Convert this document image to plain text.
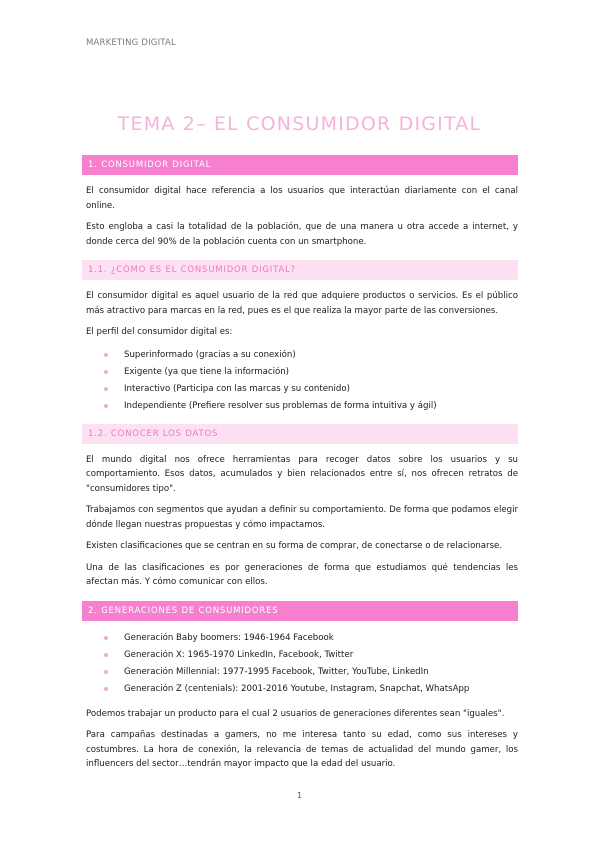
MARKETING DIGITAL
TEMA 2– EL CONSUMIDOR DIGITAL
1. CONSUMIDOR DIGITAL

El consumidor digital hace referencia a los usuarios que interactúan diariamente con el canal online.

Esto engloba a casi la totalidad de la población, que de una manera u otra accede a internet, y donde cerca del 90% de la población cuenta con un smartphone.

1.1. ¿CÓMO ES EL CONSUMIDOR DIGITAL?

El consumidor digital es aquel usuario de la red que adquiere productos o servicios. Es el público más atractivo para marcas en la red, pues es el que realiza la mayor parte de las conversiones.

El perfil del consumidor digital es:

Superinformado (gracias a su conexión)
Exigente (ya que tiene la información)
Interactivo (Participa con las marcas y su contenido)
Independiente (Prefiere resolver sus problemas de forma intuitiva y ágil)
1.2. CONOCER LOS DATOS

El mundo digital nos ofrece herramientas para recoger datos sobre los usuarios y su comportamiento. Esos datos, acumulados y bien relacionados entre sí, nos ofrecen retratos de "consumidores tipo".

Trabajamos con segmentos que ayudan a definir su comportamiento. De forma que podamos elegir dónde llegan nuestras propuestas y cómo impactamos.

Existen clasificaciones que se centran en su forma de comprar, de conectarse o de relacionarse.

Una de las clasificaciones es por generaciones de forma que estudiamos qué tendencias les afectan más. Y cómo comunicar con ellos.

2. GENERACIONES DE CONSUMIDORES
Generación Baby boomers: 1946-1964 Facebook
Generación X: 1965-1970 LinkedIn, Facebook, Twitter
Generación Millennial: 1977-1995 Facebook, Twitter, YouTube, LinkedIn
Generación Z (centenials): 2001-2016 Youtube, Instagram, Snapchat, WhatsApp

Podemos trabajar un producto para el cual 2 usuarios de generaciones diferentes sean "iguales".

Para campañas destinadas a gamers, no me interesa tanto su edad, como sus intereses y costumbres. La hora de conexión, la relevancia de temas de actualidad del mundo gamer, los influencers del sector…tendrán mayor impacto que la edad del usuario.

1
